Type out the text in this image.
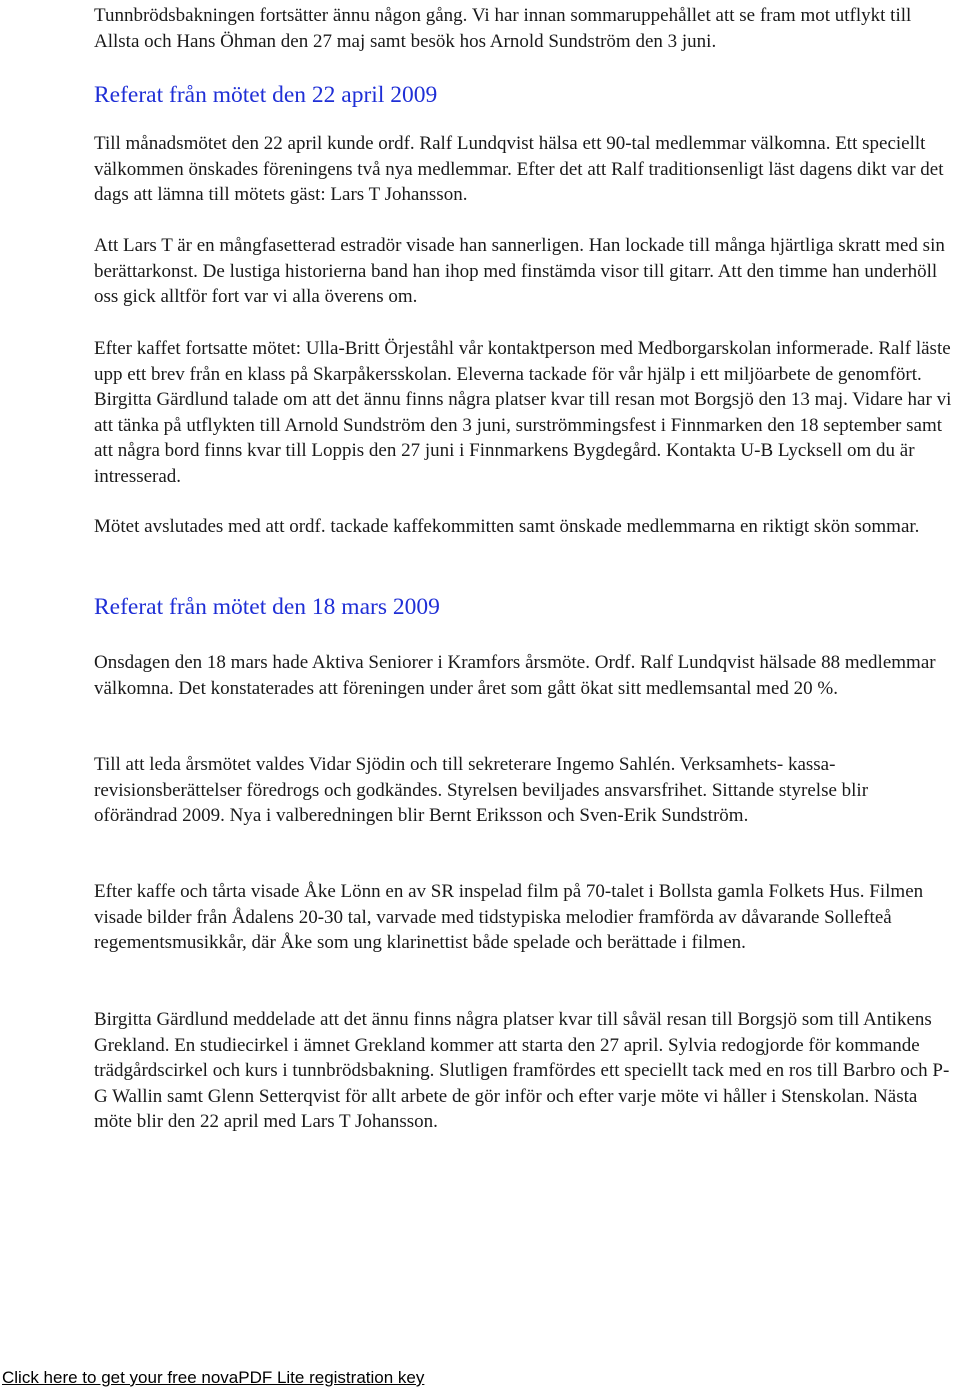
Tunnbrödsbakningen fortsätter ännu någon gång. Vi har innan sommaruppehållet att se fram mot utflykt till Allsta och Hans Öhman den 27 maj samt besök hos Arnold Sundström den 3 juni.

Referat från mötet den 22 april 2009

Till månadsmötet den 22 april kunde ordf. Ralf Lundqvist hälsa ett 90-tal medlemmar välkomna. Ett speciellt välkommen önskades föreningens två nya medlemmar. Efter det att Ralf traditionsenligt läst dagens dikt var det dags att lämna till mötets gäst: Lars T Johansson.

Att Lars T är en mångfasetterad estradör visade han sannerligen. Han lockade till många hjärtliga skratt med sin berättarkonst. De lustiga historierna band han ihop med finstämda visor till gitarr. Att den timme han underhöll oss gick alltför fort var vi alla överens om.

Efter kaffet fortsatte mötet: Ulla-Britt Örjeståhl vår kontaktperson med Medborgarskolan informerade. Ralf läste upp ett brev från en klass på Skarpåkersskolan. Eleverna tackade för vår hjälp i ett miljöarbete de genomfört. Birgitta Gärdlund talade om att det ännu finns några platser kvar till resan mot Borgsjö den 13 maj. Vidare har vi att tänka på utflykten till Arnold Sundström den 3 juni, surströmmingsfest i Finnmarken den 18 september samt att några bord finns kvar till Loppis den 27 juni i Finnmarkens Bygdegård. Kontakta U-B Lycksell om du är intresserad.

Mötet avslutades med att ordf. tackade kaffekommitten samt önskade medlemmarna en riktigt skön sommar.

Referat från mötet den 18 mars 2009

Onsdagen den 18 mars hade Aktiva Seniorer i Kramfors årsmöte. Ordf. Ralf Lundqvist hälsade 88 medlemmar välkomna. Det konstaterades att föreningen under året som gått ökat sitt medlemsantal med 20 %.

Till att leda årsmötet valdes Vidar Sjödin och till sekreterare Ingemo Sahlén. Verksamhets- kassa- revisionsberättelser föredrogs och godkändes. Styrelsen beviljades ansvarsfrihet. Sittande styrelse blir oförändrad 2009. Nya i valberedningen blir Bernt Eriksson och Sven-Erik Sundström.

Efter kaffe och tårta visade Åke Lönn en av SR inspelad film på 70-talet i Bollsta gamla Folkets Hus. Filmen visade bilder från Ådalens 20-30 tal, varvade med tidstypiska melodier framförda av dåvarande Sollefteå regementsmusikkår, där Åke som ung klarinettist både spelade och berättade i filmen.

Birgitta Gärdlund meddelade att det ännu finns några platser kvar till såväl resan till Borgsjö som till Antikens Grekland. En studiecirkel i ämnet Grekland kommer att starta den 27 april. Sylvia redogjorde för kommande trädgårdscirkel och kurs i tunnbrödsbakning. Slutligen framfördes ett speciellt tack med en ros till Barbro och P-G Wallin samt Glenn Setterqvist för allt arbete de gör inför och efter varje möte vi håller i Stenskolan. Nästa möte blir den 22 april med Lars T Johansson.

Click here to get your free novaPDF Lite registration key
